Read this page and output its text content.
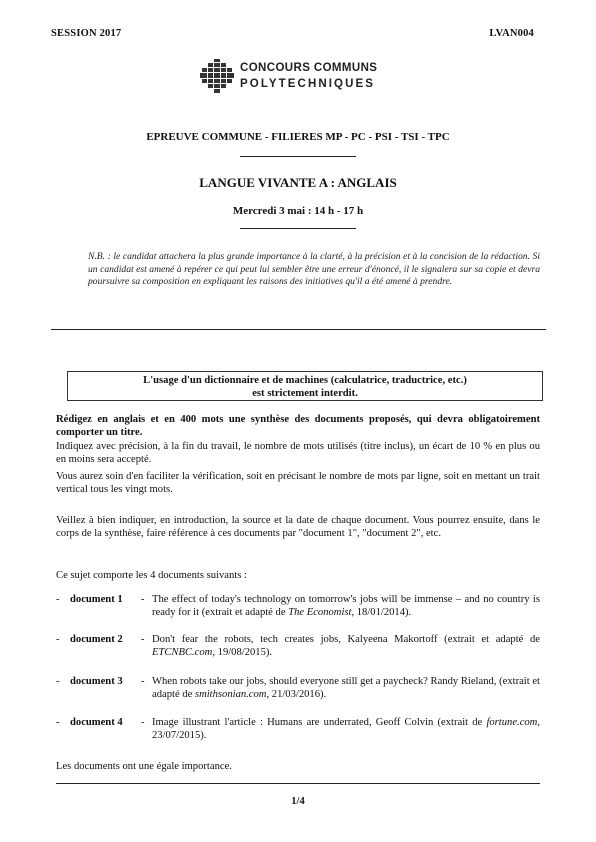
SESSION 2017	LVAN004
CONCOURS COMMUNS
POLYTECHNIQUES
EPREUVE COMMUNE - FILIERES MP - PC - PSI - TSI - TPC
LANGUE VIVANTE A : ANGLAIS
Mercredi 3 mai : 14 h - 17 h
N.B. : le candidat attachera la plus grande importance à la clarté, à la précision et à la concision de la rédaction. Si un candidat est amené à repérer ce qui peut lui sembler être une erreur d'énoncé, il le signalera sur sa copie et devra poursuivre sa composition en expliquant les raisons des initiatives qu'il a été amené à prendre.
L'usage d'un dictionnaire et de machines (calculatrice, traductrice, etc.)
est strictement interdit.
Rédigez en anglais et en 400 mots une synthèse des documents proposés, qui devra obligatoirement comporter un titre.
Indiquez avec précision, à la fin du travail, le nombre de mots utilisés (titre inclus), un écart de 10 % en plus ou en moins sera accepté.
Vous aurez soin d'en faciliter la vérification, soit en précisant le nombre de mots par ligne, soit en mettant un trait vertical tous les vingt mots.
Veillez à bien indiquer, en introduction, la source et la date de chaque document. Vous pourrez ensuite, dans le corps de la synthèse, faire référence à ces documents par "document 1", "document 2", etc.
Ce sujet comporte les 4 documents suivants :
- document 1 - The effect of today's technology on tomorrow's jobs will be immense – and no country is ready for it (extrait et adapté de The Economist, 18/01/2014).
- document 2 - Don't fear the robots, tech creates jobs, Kalyeena Makortoff (extrait et adapté de ETCNBC.com, 19/08/2015).
- document 3 - When robots take our jobs, should everyone still get a paycheck? Randy Rieland, (extrait et adapté de smithsonian.com, 21/03/2016).
- document 4 - Image illustrant l'article : Humans are underrated, Geoff Colvin (extrait de fortune.com, 23/07/2015).
Les documents ont une égale importance.
1/4
